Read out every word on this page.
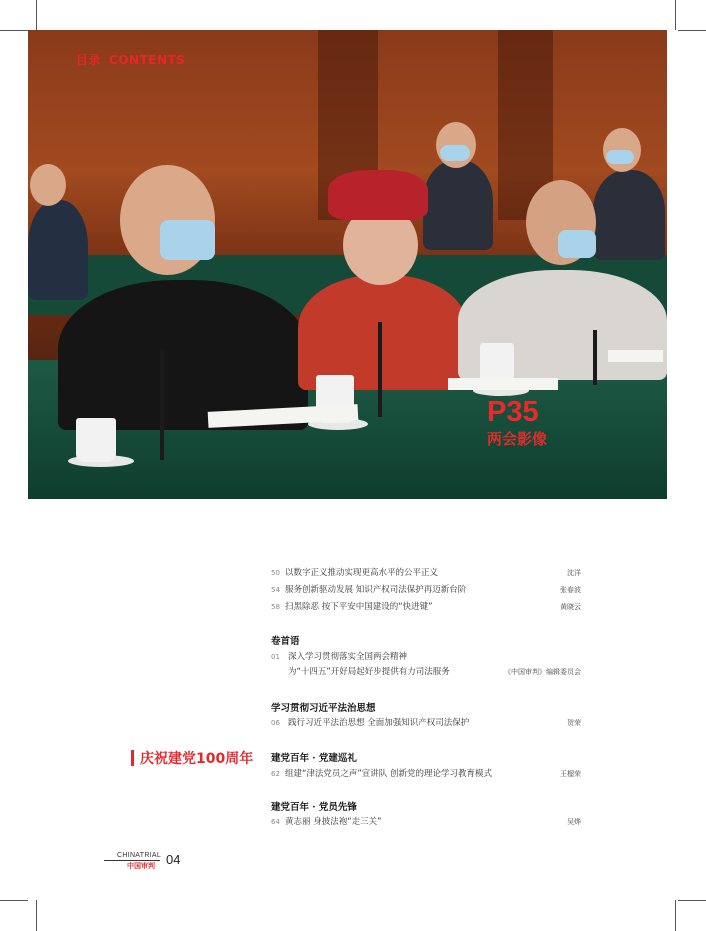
目录 CONTENTS
P35
两会影像
庆祝建党100周年
50 以数字正义推动实现更高水平的公平正义	沈洋
54 服务创新驱动发展 知识产权司法保护再迈新台阶	张春波
58 扫黑除恶 按下平安中国建设的“快进键”	黄晓云
卷首语
01 深入学习贯彻落实全国两会精神
为“十四五”开好局起好步提供有力司法服务	《中国审判》编辑委员会
学习贯彻习近平法治思想
06 践行习近平法治思想 全面加强知识产权司法保护	贺荣
建党百年 · 党建巡礼
62 组建“津法党员之声”宣讲队 创新党的理论学习教育模式	王榴荣
建党百年 · 党员先锋
64 黄志丽 身披法袍“走三关”	吴烨
CHINATRIAL
中国审判 04
